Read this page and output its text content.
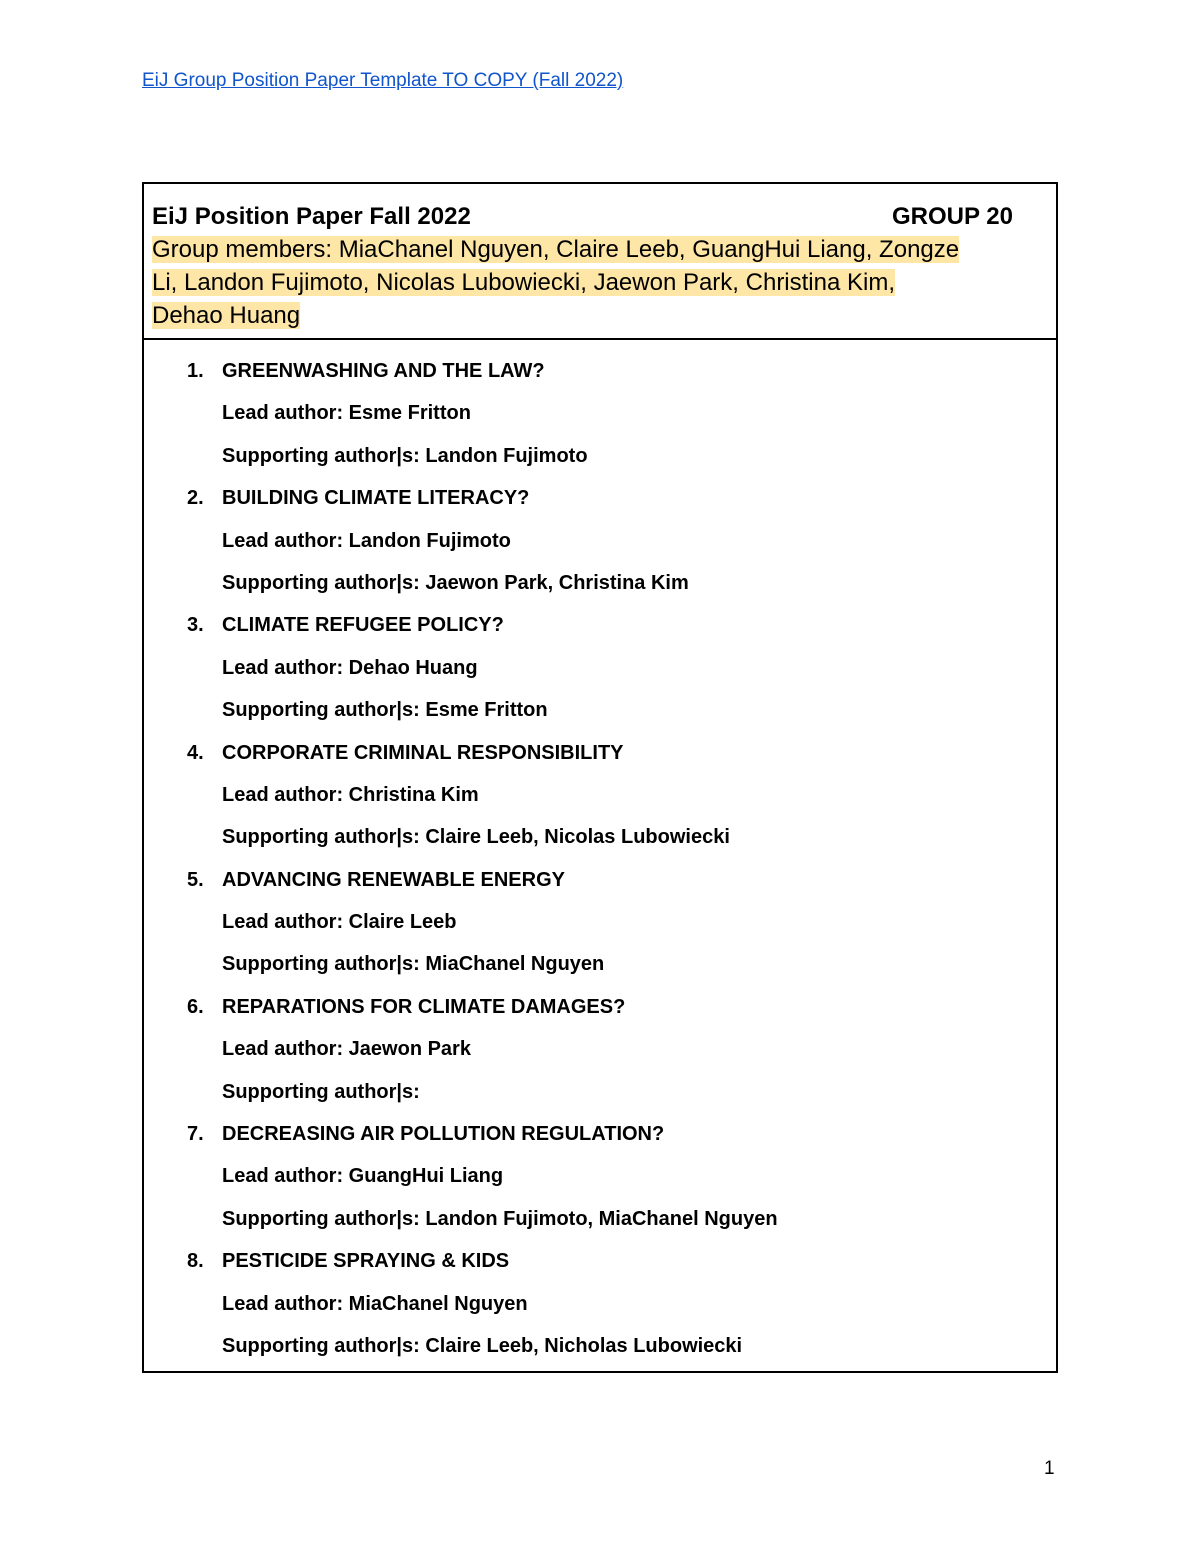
EiJ Group Position Paper Template TO COPY (Fall 2022)
EiJ Position Paper Fall 2022	GROUP 20
Group members: MiaChanel Nguyen, Claire Leeb, GuangHui Liang, Zongze
Li, Landon Fujimoto, Nicolas Lubowiecki, Jaewon Park, Christina Kim,
Dehao Huang
1. GREENWASHING AND THE LAW?
Lead author: Esme Fritton
Supporting author|s: Landon Fujimoto
2. BUILDING CLIMATE LITERACY?
Lead author: Landon Fujimoto
Supporting author|s: Jaewon Park, Christina Kim
3. CLIMATE REFUGEE POLICY?
Lead author: Dehao Huang
Supporting author|s: Esme Fritton
4. CORPORATE CRIMINAL RESPONSIBILITY
Lead author: Christina Kim
Supporting author|s: Claire Leeb, Nicolas Lubowiecki
5. ADVANCING RENEWABLE ENERGY
Lead author: Claire Leeb
Supporting author|s: MiaChanel Nguyen
6. REPARATIONS FOR CLIMATE DAMAGES?
Lead author: Jaewon Park
Supporting author|s:
7. DECREASING AIR POLLUTION REGULATION?
Lead author: GuangHui Liang
Supporting author|s: Landon Fujimoto, MiaChanel Nguyen
8. PESTICIDE SPRAYING & KIDS
Lead author: MiaChanel Nguyen
Supporting author|s: Claire Leeb, Nicholas Lubowiecki
1
